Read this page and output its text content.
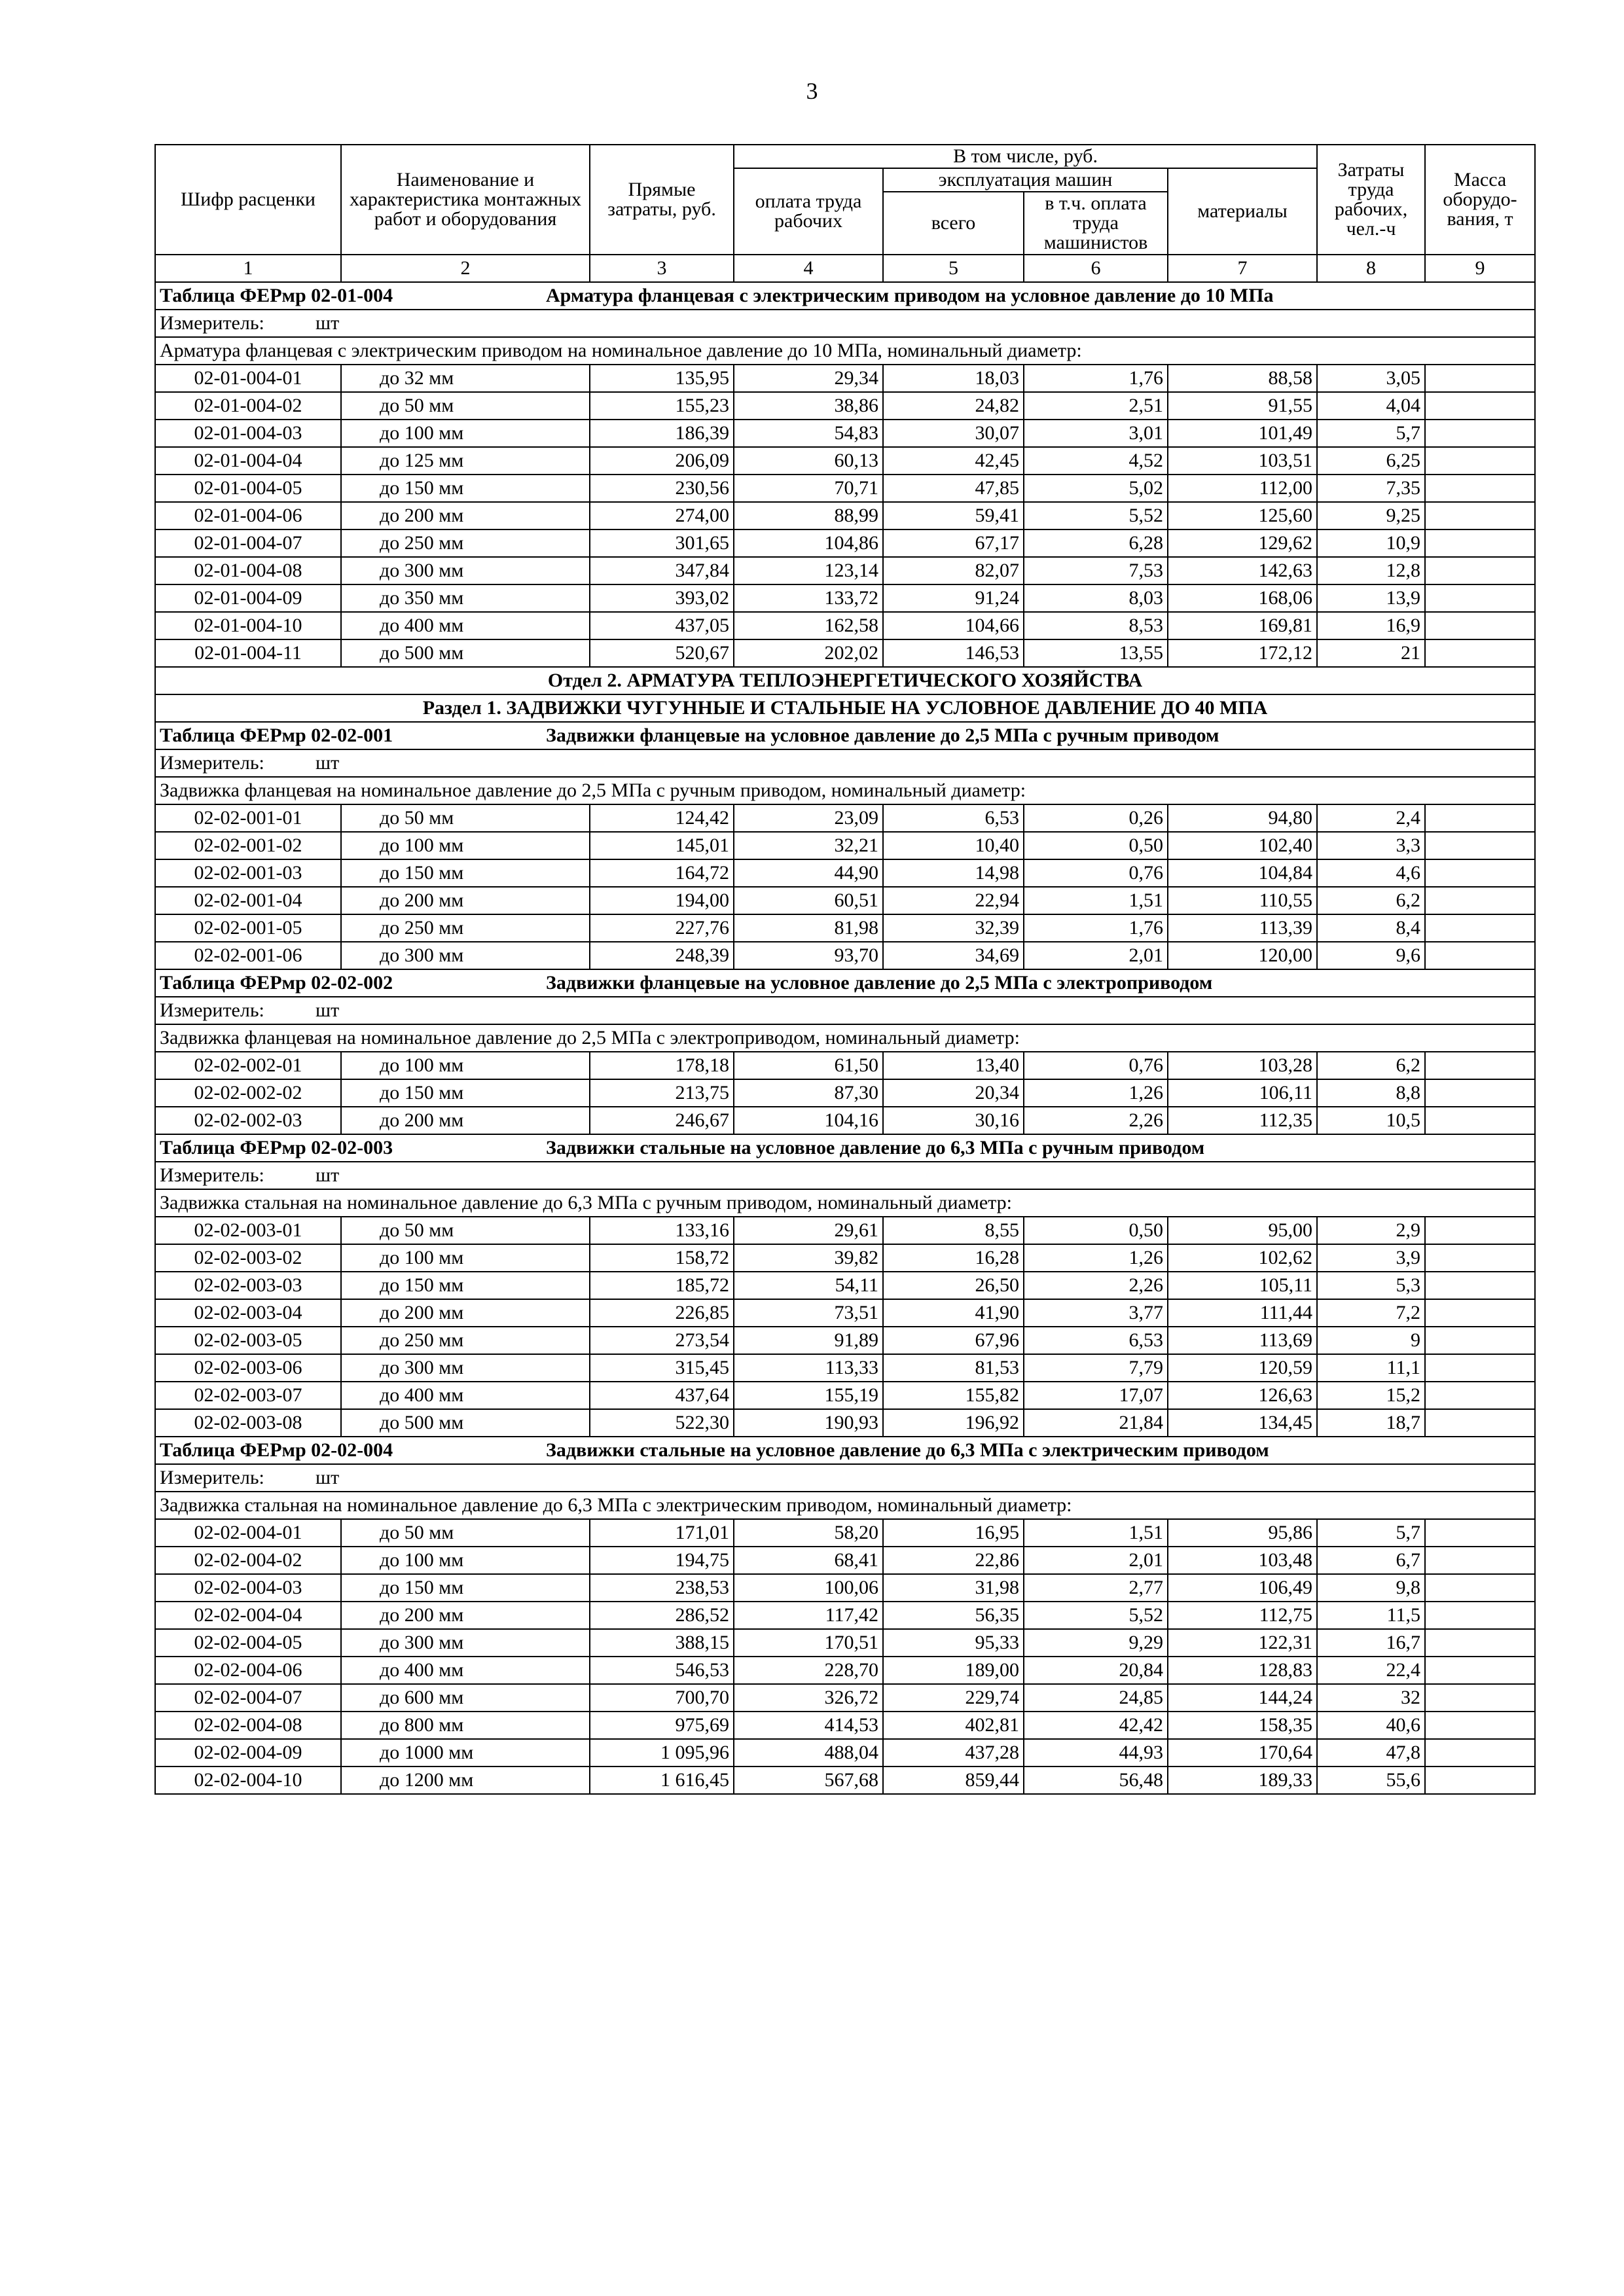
3
Шифр расценки	Наименование и характеристика монтажных работ и оборудования	Прямые затраты, руб.	В том числе, руб.				Затраты труда рабочих, чел.-ч	Масса оборудо-вания, т
			оплата труда рабочих	эксплуатация машин		материалы		
				всего	в т.ч. оплата труда машинистов			
1	2	3	4	5	6	7	8	9
Таблица ФЕРмр 02-01-004 Арматура фланцевая с электрическим приводом на условное давление до 10 МПа								
Измеритель: шт								
Арматура фланцевая с электрическим приводом на номинальное давление до 10 МПа, номинальный диаметр:								
02-01-004-01	до 32 мм	135,95	29,34	18,03	1,76	88,58	3,05	
02-01-004-02	до 50 мм	155,23	38,86	24,82	2,51	91,55	4,04	
02-01-004-03	до 100 мм	186,39	54,83	30,07	3,01	101,49	5,7	
02-01-004-04	до 125 мм	206,09	60,13	42,45	4,52	103,51	6,25	
02-01-004-05	до 150 мм	230,56	70,71	47,85	5,02	112,00	7,35	
02-01-004-06	до 200 мм	274,00	88,99	59,41	5,52	125,60	9,25	
02-01-004-07	до 250 мм	301,65	104,86	67,17	6,28	129,62	10,9	
02-01-004-08	до 300 мм	347,84	123,14	82,07	7,53	142,63	12,8	
02-01-004-09	до 350 мм	393,02	133,72	91,24	8,03	168,06	13,9	
02-01-004-10	до 400 мм	437,05	162,58	104,66	8,53	169,81	16,9	
02-01-004-11	до 500 мм	520,67	202,02	146,53	13,55	172,12	21	
Отдел 2. АРМАТУРА ТЕПЛОЭНЕРГЕТИЧЕСКОГО ХОЗЯЙСТВА								
Раздел 1. ЗАДВИЖКИ ЧУГУННЫЕ И СТАЛЬНЫЕ НА УСЛОВНОЕ ДАВЛЕНИЕ ДО 40 МПА								
Таблица ФЕРмр 02-02-001 Задвижки фланцевые на условное давление до 2,5 МПа с ручным приводом								
Измеритель: шт								
Задвижка фланцевая на номинальное давление до 2,5 МПа с ручным приводом, номинальный диаметр:								
02-02-001-01	до 50 мм	124,42	23,09	6,53	0,26	94,80	2,4	
02-02-001-02	до 100 мм	145,01	32,21	10,40	0,50	102,40	3,3	
02-02-001-03	до 150 мм	164,72	44,90	14,98	0,76	104,84	4,6	
02-02-001-04	до 200 мм	194,00	60,51	22,94	1,51	110,55	6,2	
02-02-001-05	до 250 мм	227,76	81,98	32,39	1,76	113,39	8,4	
02-02-001-06	до 300 мм	248,39	93,70	34,69	2,01	120,00	9,6	
Таблица ФЕРмр 02-02-002 Задвижки фланцевые на условное давление до 2,5 МПа с электроприводом								
Измеритель: шт								
Задвижка фланцевая на номинальное давление до 2,5 МПа с электроприводом, номинальный диаметр:								
02-02-002-01	до 100 мм	178,18	61,50	13,40	0,76	103,28	6,2	
02-02-002-02	до 150 мм	213,75	87,30	20,34	1,26	106,11	8,8	
02-02-002-03	до 200 мм	246,67	104,16	30,16	2,26	112,35	10,5	
Таблица ФЕРмр 02-02-003 Задвижки стальные на условное давление до 6,3 МПа с ручным приводом								
Измеритель: шт								
Задвижка стальная на номинальное давление до 6,3 МПа с ручным приводом, номинальный диаметр:								
02-02-003-01	до 50 мм	133,16	29,61	8,55	0,50	95,00	2,9	
02-02-003-02	до 100 мм	158,72	39,82	16,28	1,26	102,62	3,9	
02-02-003-03	до 150 мм	185,72	54,11	26,50	2,26	105,11	5,3	
02-02-003-04	до 200 мм	226,85	73,51	41,90	3,77	111,44	7,2	
02-02-003-05	до 250 мм	273,54	91,89	67,96	6,53	113,69	9	
02-02-003-06	до 300 мм	315,45	113,33	81,53	7,79	120,59	11,1	
02-02-003-07	до 400 мм	437,64	155,19	155,82	17,07	126,63	15,2	
02-02-003-08	до 500 мм	522,30	190,93	196,92	21,84	134,45	18,7	
Таблица ФЕРмр 02-02-004 Задвижки стальные на условное давление до 6,3 МПа с электрическим приводом								
Измеритель: шт								
Задвижка стальная на номинальное давление до 6,3 МПа с электрическим приводом, номинальный диаметр:								
02-02-004-01	до 50 мм	171,01	58,20	16,95	1,51	95,86	5,7	
02-02-004-02	до 100 мм	194,75	68,41	22,86	2,01	103,48	6,7	
02-02-004-03	до 150 мм	238,53	100,06	31,98	2,77	106,49	9,8	
02-02-004-04	до 200 мм	286,52	117,42	56,35	5,52	112,75	11,5	
02-02-004-05	до 300 мм	388,15	170,51	95,33	9,29	122,31	16,7	
02-02-004-06	до 400 мм	546,53	228,70	189,00	20,84	128,83	22,4	
02-02-004-07	до 600 мм	700,70	326,72	229,74	24,85	144,24	32	
02-02-004-08	до 800 мм	975,69	414,53	402,81	42,42	158,35	40,6	
02-02-004-09	до 1000 мм	1 095,96	488,04	437,28	44,93	170,64	47,8	
02-02-004-10	до 1200 мм	1 616,45	567,68	859,44	56,48	189,33	55,6	
